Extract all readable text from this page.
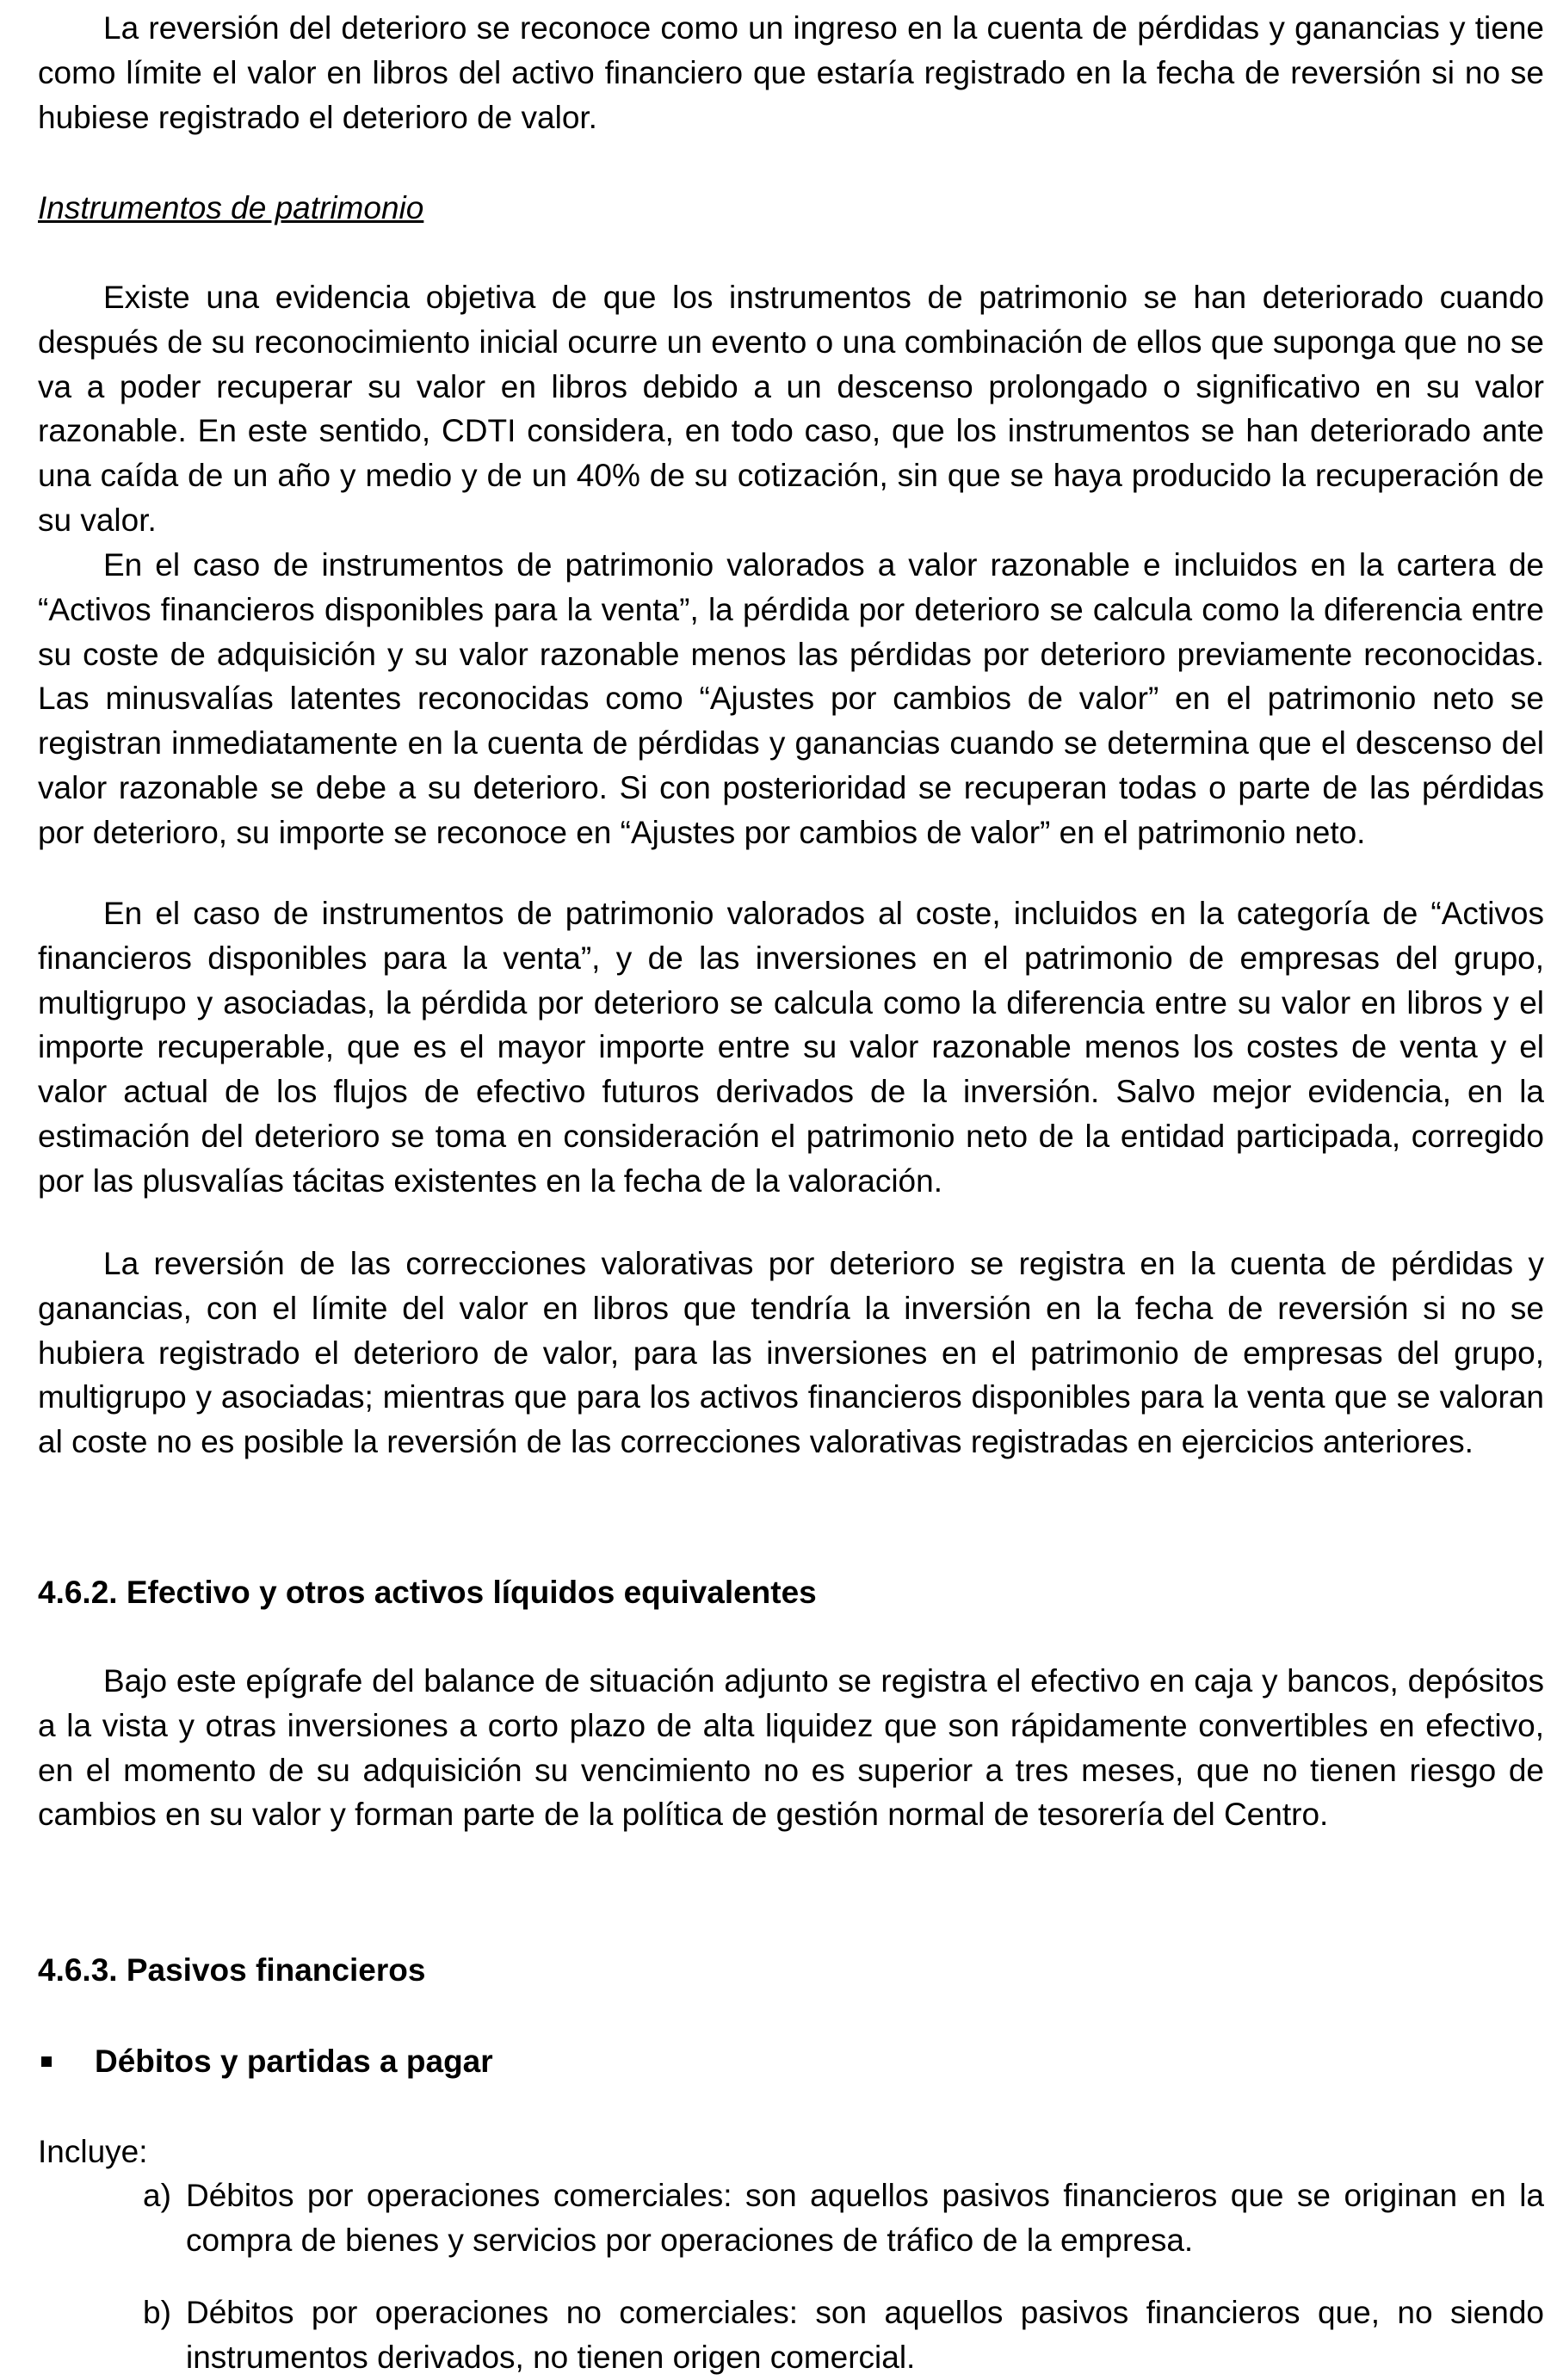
La reversión del deterioro se reconoce como un ingreso en la cuenta de pérdidas y ganancias y tiene como límite el valor en libros del activo financiero que estaría registrado en la fecha de reversión si no se hubiese registrado el deterioro de valor.

Instrumentos de patrimonio

Existe una evidencia objetiva de que los instrumentos de patrimonio se han deteriorado cuando después de su reconocimiento inicial ocurre un evento o una combinación de ellos que suponga que no se va a poder recuperar su valor en libros debido a un descenso prolongado o significativo en su valor razonable. En este sentido, CDTI considera, en todo caso, que los instrumentos se han deteriorado ante una caída de un año y medio y de un 40% de su cotización, sin que se haya producido la recuperación de su valor.

En el caso de instrumentos de patrimonio valorados a valor razonable e incluidos en la cartera de “Activos financieros disponibles para la venta”, la pérdida por deterioro se calcula como la diferencia entre su coste de adquisición y su valor razonable menos las pérdidas por deterioro previamente reconocidas. Las minusvalías latentes reconocidas como “Ajustes por cambios de valor” en el patrimonio neto se registran inmediatamente en la cuenta de pérdidas y ganancias cuando se determina que el descenso del valor razonable se debe a su deterioro. Si con posterioridad se recuperan todas o parte de las pérdidas por deterioro, su importe se reconoce en “Ajustes por cambios de valor” en el patrimonio neto.

En el caso de instrumentos de patrimonio valorados al coste, incluidos en la categoría de “Activos financieros disponibles para la venta”, y de las inversiones en el patrimonio de empresas del grupo, multigrupo y asociadas, la pérdida por deterioro se calcula como la diferencia entre su valor en libros y el importe recuperable, que es el mayor importe entre su valor razonable menos los costes de venta y el valor actual de los flujos de efectivo futuros derivados de la inversión. Salvo mejor evidencia, en la estimación del deterioro se toma en consideración el patrimonio neto de la entidad participada, corregido por las plusvalías tácitas existentes en la fecha de la valoración.

La reversión de las correcciones valorativas por deterioro se registra en la cuenta de pérdidas y ganancias, con el límite del valor en libros que tendría la inversión en la fecha de reversión si no se hubiera registrado el deterioro de valor, para las inversiones en el patrimonio de empresas del grupo, multigrupo y asociadas; mientras que para los activos financieros disponibles para la venta que se valoran al coste no es posible la reversión de las correcciones valorativas registradas en ejercicios anteriores.

4.6.2. Efectivo y otros activos líquidos equivalentes

Bajo este epígrafe del balance de situación adjunto se registra el efectivo en caja y bancos, depósitos a la vista y otras inversiones a corto plazo de alta liquidez que son rápidamente convertibles en efectivo, en el momento de su adquisición su vencimiento no es superior a tres meses, que no tienen riesgo de cambios en su valor y forman parte de la política de gestión normal de tesorería del Centro.

4.6.3. Pasivos financieros

Débitos y partidas a pagar

Incluye:

a) Débitos por operaciones comerciales: son aquellos pasivos financieros que se originan en la compra de bienes y servicios por operaciones de tráfico de la empresa.
b) Débitos por operaciones no comerciales: son aquellos pasivos financieros que, no siendo instrumentos derivados, no tienen origen comercial.
